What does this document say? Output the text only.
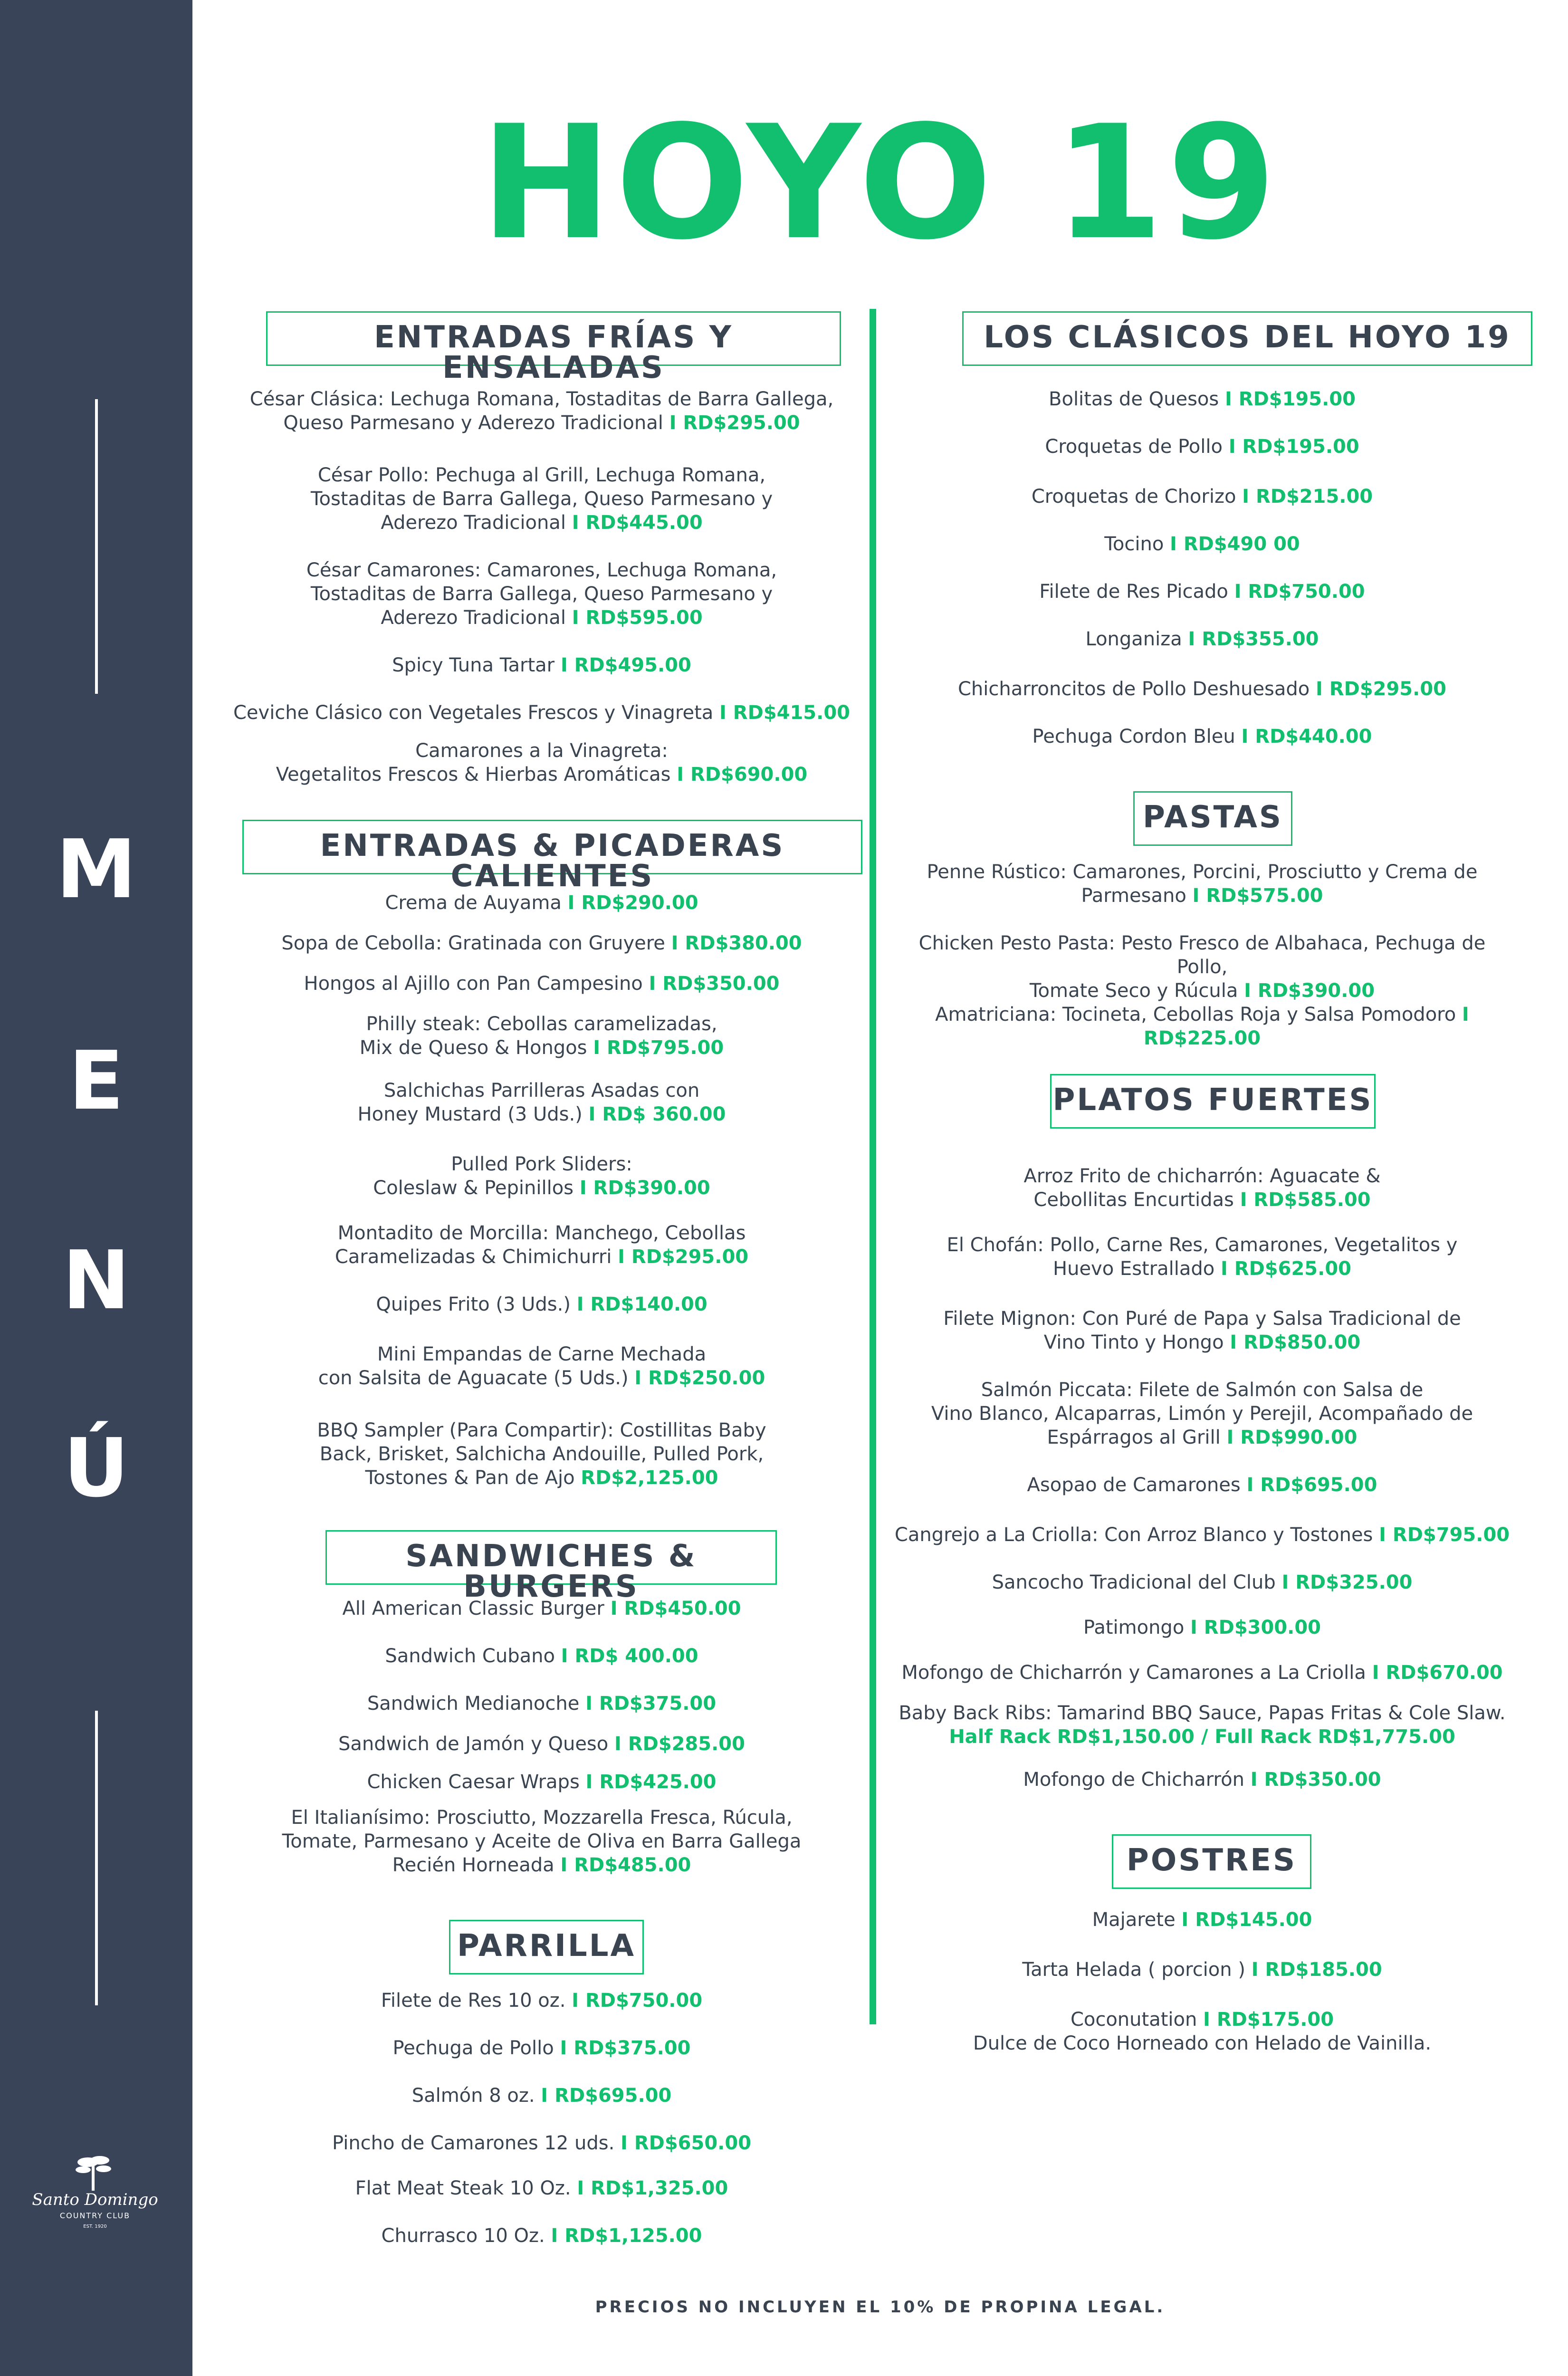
M
E
N
Ú
Santo Domingo
COUNTRY CLUB
EST. 1920
HOYO 19
ENTRADAS FRÍAS Y ENSALADAS
César Clásica: Lechuga Romana, Tostaditas de Barra Gallega,
Queso Parmesano y Aderezo Tradicional I RD$295.00
César Pollo: Pechuga al Grill, Lechuga Romana,
Tostaditas de Barra Gallega, Queso Parmesano y
Aderezo Tradicional I RD$445.00
César Camarones: Camarones, Lechuga Romana,
Tostaditas de Barra Gallega, Queso Parmesano y
Aderezo Tradicional I RD$595.00
Spicy Tuna Tartar I RD$495.00
Ceviche Clásico con Vegetales Frescos y Vinagreta I RD$415.00
Camarones a la Vinagreta:
Vegetalitos Frescos & Hierbas Aromáticas I RD$690.00
ENTRADAS & PICADERAS CALIENTES
Crema de Auyama I RD$290.00
Sopa de Cebolla: Gratinada con Gruyere I RD$380.00
Hongos al Ajillo con Pan Campesino I RD$350.00
Philly steak: Cebollas caramelizadas,
Mix de Queso & Hongos I RD$795.00
Salchichas Parrilleras Asadas con
Honey Mustard (3 Uds.) I RD$ 360.00
Pulled Pork Sliders:
Coleslaw & Pepinillos I RD$390.00
Montadito de Morcilla: Manchego, Cebollas
Caramelizadas & Chimichurri I RD$295.00
Quipes Frito (3 Uds.) I RD$140.00
Mini Empandas de Carne Mechada
con Salsita de Aguacate (5 Uds.) I RD$250.00
BBQ Sampler (Para Compartir): Costillitas Baby
Back, Brisket, Salchicha Andouille, Pulled Pork,
Tostones & Pan de Ajo RD$2,125.00
SANDWICHES & BURGERS
All American Classic Burger I RD$450.00
Sandwich Cubano I RD$ 400.00
Sandwich Medianoche I RD$375.00
Sandwich de Jamón y Queso I RD$285.00
Chicken Caesar Wraps I RD$425.00
El Italianísimo: Prosciutto, Mozzarella Fresca, Rúcula,
Tomate, Parmesano y Aceite de Oliva en Barra Gallega
Recién Horneada I RD$485.00
PARRILLA
Filete de Res 10 oz. I RD$750.00
Pechuga de Pollo I RD$375.00
Salmón 8 oz. I RD$695.00
Pincho de Camarones 12 uds. I RD$650.00
Flat Meat Steak 10 Oz. I RD$1,325.00
Churrasco 10 Oz. I RD$1,125.00
LOS CLÁSICOS DEL HOYO 19
Bolitas de Quesos I RD$195.00
Croquetas de Pollo I RD$195.00
Croquetas de Chorizo I RD$215.00
Tocino I RD$490 00
Filete de Res Picado I RD$750.00
Longaniza I RD$355.00
Chicharroncitos de Pollo Deshuesado I RD$295.00
Pechuga Cordon Bleu I RD$440.00
PASTAS
Penne Rústico: Camarones, Porcini, Prosciutto y Crema de
Parmesano I RD$575.00
Chicken Pesto Pasta: Pesto Fresco de Albahaca, Pechuga de Pollo,
Tomate Seco y Rúcula I RD$390.00
Amatriciana: Tocineta, Cebollas Roja y Salsa Pomodoro I RD$225.00
PLATOS FUERTES
Arroz Frito de chicharrón: Aguacate &
Cebollitas Encurtidas I RD$585.00
El Chofán: Pollo, Carne Res, Camarones, Vegetalitos y
Huevo Estrallado I RD$625.00
Filete Mignon: Con Puré de Papa y Salsa Tradicional de
Vino Tinto y Hongo I RD$850.00
Salmón Piccata: Filete de Salmón con Salsa de
Vino Blanco, Alcaparras, Limón y Perejil, Acompañado de
Espárragos al Grill I RD$990.00
Asopao de Camarones I RD$695.00
Cangrejo a La Criolla: Con Arroz Blanco y Tostones I RD$795.00
Sancocho Tradicional del Club I RD$325.00
Patimongo I RD$300.00
Mofongo de Chicharrón y Camarones a La Criolla I RD$670.00
Baby Back Ribs: Tamarind BBQ Sauce, Papas Fritas & Cole Slaw.
Half Rack RD$1,150.00 / Full Rack RD$1,775.00
Mofongo de Chicharrón I RD$350.00
POSTRES
Majarete I RD$145.00
Tarta Helada ( porcion ) I RD$185.00
Coconutation I RD$175.00
Dulce de Coco Horneado con Helado de Vainilla.
PRECIOS NO INCLUYEN EL 10% DE PROPINA LEGAL.
